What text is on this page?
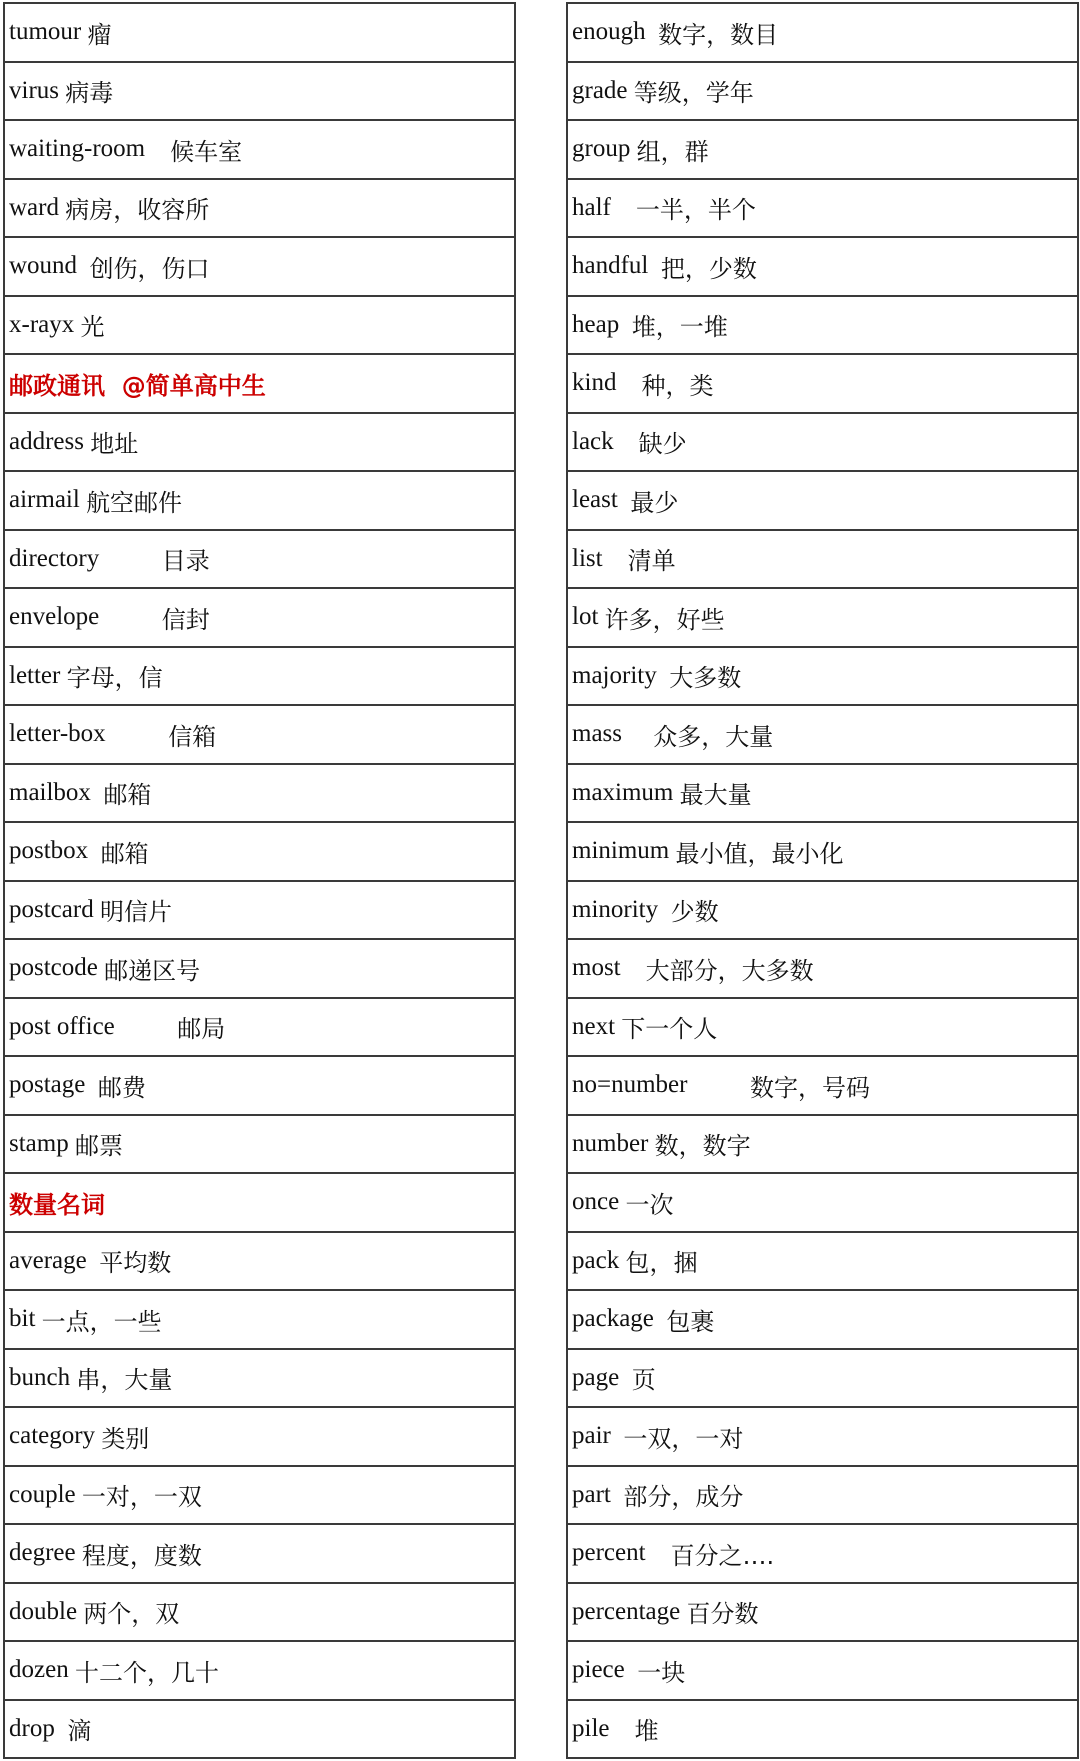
tumour 瘤
virus 病毒
waiting-room 候车室
ward 病房，收容所
wound 创伤，伤口
x-rayx 光
邮政通讯  @简单高中生
address 地址
airmail 航空邮件
directory 目录
envelope 信封
letter 字母，信
letter-box 信箱
mailbox 邮箱
postbox 邮箱
postcard 明信片
postcode 邮递区号
post office 邮局
postage 邮费
stamp 邮票
数量名词
average 平均数
bit 一点，一些
bunch 串，大量
category 类别
couple 一对，一双
degree 程度，度数
double 两个，双
dozen 十二个，几十
drop 滴
enough 数字，数目
grade 等级，学年
group 组，群
half 一半，半个
handful 把，少数
heap 堆，一堆
kind 种，类
lack 缺少
least 最少
list 清单
lot 许多，好些
majority 大多数
mass 众多，大量
maximum 最大量
minimum 最小值，最小化
minority 少数
most 大部分，大多数
next 下一个人
no=number 数字，号码
number 数，数字
once 一次
pack 包，捆
package 包裹
page 页
pair 一双，一对
part 部分，成分
percent 百分之….
percentage 百分数
piece 一块
pile 堆
